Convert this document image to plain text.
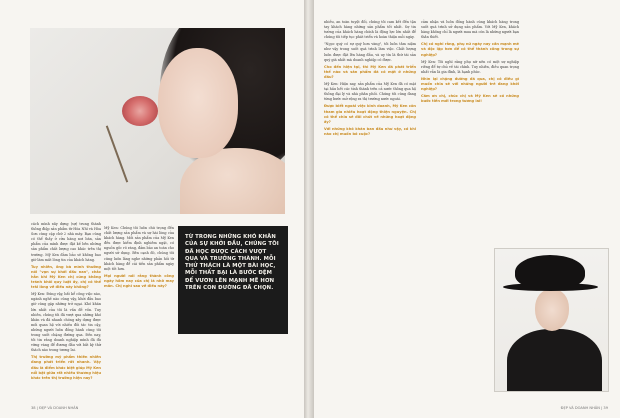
cách mình xây dựng (sự) trung thành thông điệp sản phẩm từ Hòa Nhĩ và Hòa Sơn cùng cặp chữ 2 nhà máy. Bạn cũng có thể thấy ở cửa hàng nơi bán, sản phẩm của mình được đặt kề bên những sản phẩm chất lượng cao khác trên thị trường. Mỹ Ken đảm bảo sẽ không bao giờ làm mất lòng tin của khách hàng.

Tuy nhiên, ông bà mình thường nói "vạn sự khởi đầu nan", chắc hẳn khi Mỹ Ken chị cũng không tránh khỏi quy luật ấy, chị có thể trải lòng về điều này không?

Mỹ Ken: Đúng vậy, bất kể công việc nào, ngành nghề nào cũng vậy, khởi đầu bao giờ cũng gặp những trở ngại. Khó khăn lớn nhất của tôi là vấn đề vốn. Tuy nhiên, chúng tôi đã vượt qua những khó khăn và đã nhanh chóng xây dựng được mối quan hệ với nhiều đối tác tin cậy, những người luôn đồng hành cùng tôi trong suốt chặng đường qua. Đến nay, tôi tin rằng doanh nghiệp mình đã đủ vững vàng để đương đầu với bất kỳ thử thách nào trong tương lai.

Thị trường mỹ phẩm thiên nhiên đang phát triển rất nhanh. Vậy đâu là điểm khác biệt giúp Mỹ Ken nổi bật giữa rất nhiều thương hiệu khác trên thị trường hiện nay?

Mỹ Ken: Chúng tôi luôn chú trọng đến chất lượng sản phẩm và sự hài lòng của khách hàng. Mỗi sản phẩm của Mỹ Ken đều được kiểm định nghiêm ngặt, có nguồn gốc rõ ràng, đảm bảo an toàn cho người sử dụng. Bên cạnh đó, chúng tôi cũng luôn lắng nghe những phản hồi từ khách hàng để cải tiến sản phẩm ngày một tốt hơn.

Mọi người nói rằng thành công ngày hôm nay của chị là nhờ may mắn. Chị nghĩ sao về điều này?

TỪ TRONG NHỮNG KHÓ KHĂN CỦA SỰ KHỞI ĐẦU, CHÚNG TÔI ĐÃ HỌC ĐƯỢC CÁCH VƯỢT QUA VÀ TRƯỞNG THÀNH. MỖI THỬ THÁCH LÀ MỘT BÀI HỌC, MỖI THẤT BẠI LÀ BƯỚC ĐỆM ĐỂ VƯƠN LÊN MẠNH MẼ HƠN TRÊN CON ĐƯỜNG ĐÃ CHỌN.
38 | ĐẸP VÀ DOANH NHÂN

nhiều, an toàn tuyệt đối, chúng tôi cam kết đến tận tay khách hàng những sản phẩm tốt nhất. Sự tin tưởng của khách hàng chính là động lực lớn nhất để chúng tôi tiếp tục phát triển và hoàn thiện mỗi ngày.

"Ngọc quý có sự quý hơn vàng", tôi luôn tâm niệm như vậy trong suốt quá trình làm việc. Chất lượng luôn được đặt lên hàng đầu, và uy tín là thứ tài sản quý giá nhất mà doanh nghiệp có được.

Cho đến hiện tại, thì Mỹ Ken đã phát triển thế nào và sản phẩm đã có mặt ở những đâu?

Mỹ Ken: Hiện nay, sản phẩm của Mỹ Ken đã có mặt tại hầu hết các tỉnh thành trên cả nước thông qua hệ thống đại lý và nhà phân phối. Chúng tôi cũng đang từng bước mở rộng ra thị trường nước ngoài.

Được biết ngoài việc kinh doanh, Mỹ Ken còn tham gia nhiều hoạt động thiện nguyện. Chị có thể chia sẻ đôi chút về những hoạt động ấy?

Với những khó khăn ban đầu như vậy, có khi nào chị muốn bỏ cuộc?

cảm nhận và luôn đồng hành cùng khách hàng trong suốt quá trình sử dụng sản phẩm. Với Mỹ Ken, khách hàng không chỉ là người mua mà còn là những người bạn thân thiết.

Chị có nghĩ rằng, phụ nữ ngày nay cần mạnh mẽ và độc lập hơn để có thể thành công trong sự nghiệp?

Mỹ Ken: Tôi nghĩ rằng phụ nữ nên có một sự nghiệp riêng để tự chủ về tài chính. Tuy nhiên, điều quan trọng nhất vẫn là gia đình, là hạnh phúc.

Nhìn lại chặng đường đã qua, chị có điều gì muốn chia sẻ với những người trẻ đang khởi nghiệp?

Cảm ơn chị, chúc chị và Mỹ Ken sẽ có những bước tiến mới trong tương lai!

ĐẸP VÀ DOANH NHÂN | 39
